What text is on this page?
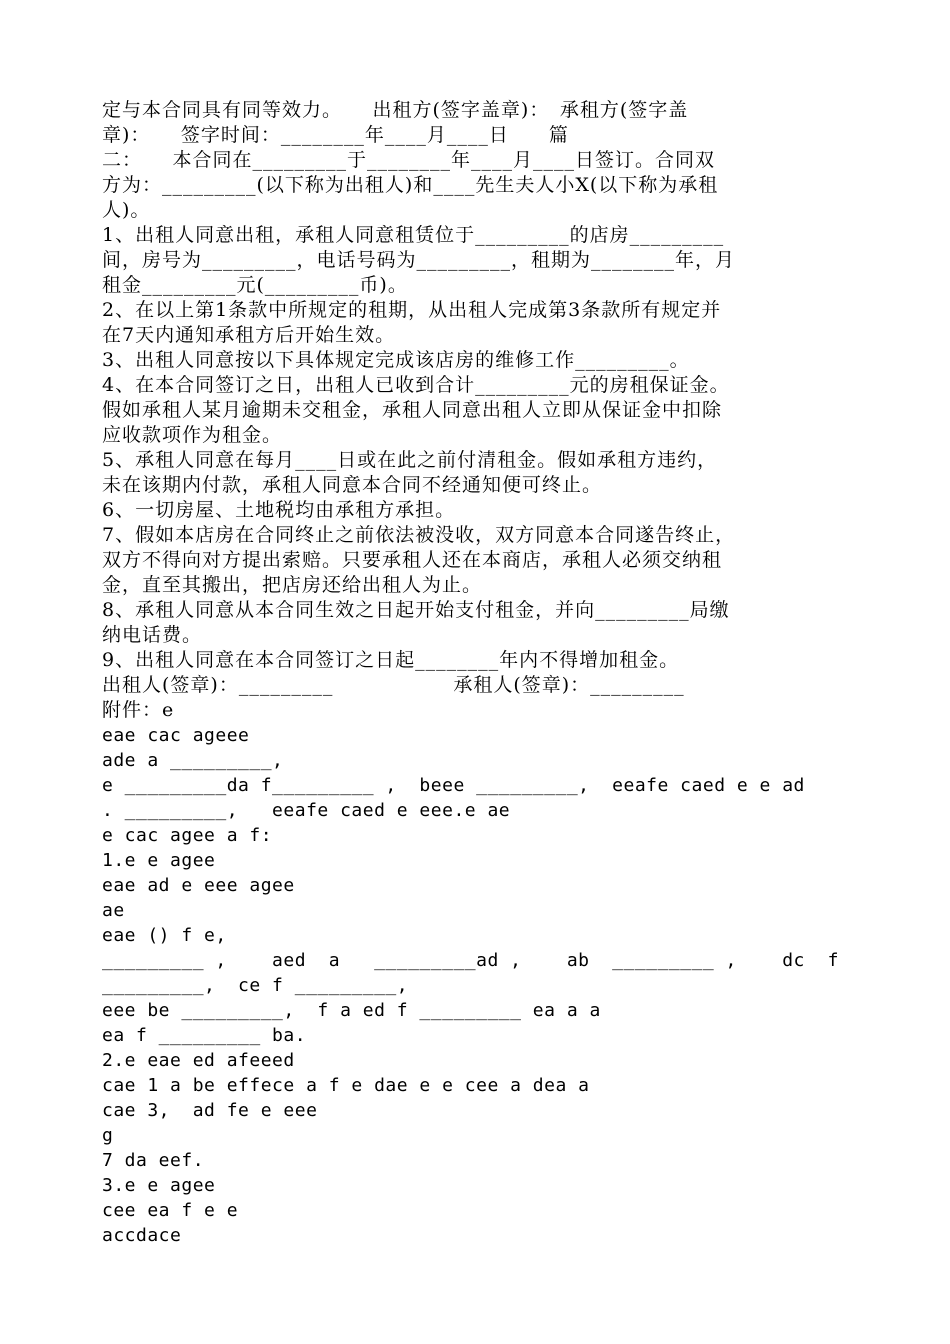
定与本合同具有同等效力。　　出租方(签字盖章)：　承租方(签字盖
章)：　　签字时间：________年____月____日　　篇
二：　　本合同在_________于________年____月____日签订。合同双
方为：_________(以下称为出租人)和____先生夫人小X(以下称为承租
人)。
1、出租人同意出租，承租人同意租赁位于_________的店房_________
间，房号为_________，电话号码为_________，租期为________年，月
租金_________元(_________币)。
2、在以上第1条款中所规定的租期，从出租人完成第3条款所有规定并
在7天内通知承租方后开始生效。
3、出租人同意按以下具体规定完成该店房的维修工作_________。
4、在本合同签订之日，出租人已收到合计_________元的房租保证金。
假如承租人某月逾期未交租金，承租人同意出租人立即从保证金中扣除
应收款项作为租金。
5、承租人同意在每月____日或在此之前付清租金。假如承租方违约，
未在该期内付款，承租人同意本合同不经通知便可终止。
6、一切房屋、土地税均由承租方承担。
7、假如本店房在合同终止之前依法被没收，双方同意本合同遂告终止，
双方不得向对方提出索赔。只要承租人还在本商店，承租人必须交纳租
金，直至其搬出，把店房还给出租人为止。
8、承租人同意从本合同生效之日起开始支付租金，并向_________局缴
纳电话费。
9、出租人同意在本合同签订之日起________年内不得增加租金。
出租人(签章)：_________　　　　　　承租人(签章)：_________
附件：e
eae cac ageee
ade a _________,
e _________da f_________ ,  beee _________,  eeafe caed e e ad
. _________,   eeafe caed e eee.e ae
e cac agee a f:
1.e e agee
eae ad e eee agee
ae
eae () f e,
_________ ,    aed  a   _________ad ,    ab  _________ ,    dc  f
_________,  ce f _________,
eee be _________,  f a ed f _________ ea a a
ea f _________ ba.
2.e eae ed afeeed
cae 1 a be effece a f e dae e e cee a dea a
cae 3,  ad fe e eee
g
7 da eef.
3.e e agee
cee ea f e e
accdace
